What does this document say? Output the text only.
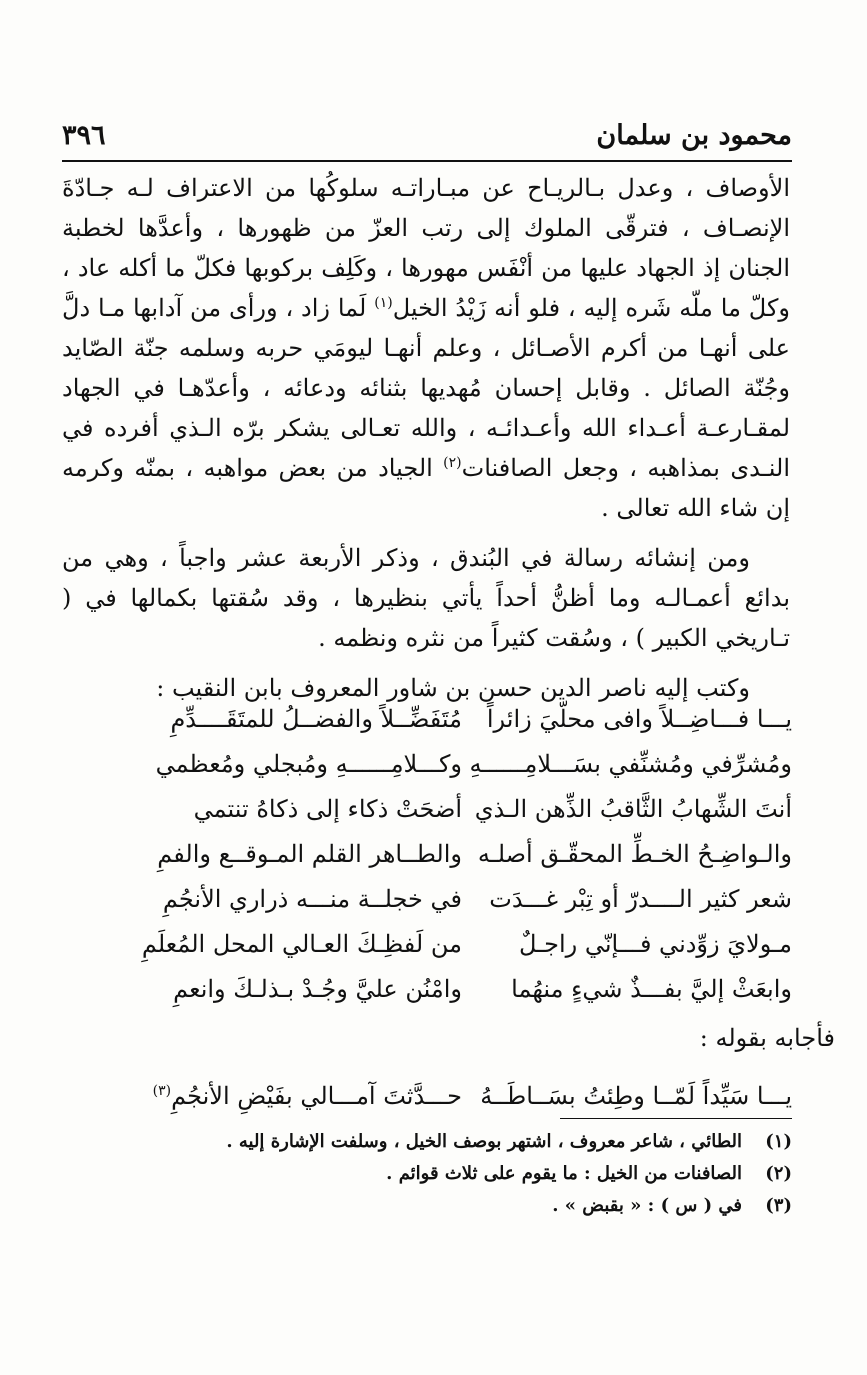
محمود بن سلمان
٣٩٦

الأوصاف ، وعدل بـالريـاح عن مبـاراتـه سلوكُها من الاعتراف لـه جـادّةَ الإنصـاف ، فترقّى الملوك إلى رتب العزّ من ظهورها ، وأعدَّها لخطبة الجنان إذ الجهاد عليها من أنْفَس مهورها ، وكَلِف بركوبها فكلّ ما أكله عاد ، وكلّ ما ملّه شَره إليه ، فلو أنه زَيْدُ الخيل$^{(١)}$ لَما زاد ، ورأى من آدابها مـا دلَّ على أنهـا من أكرم الأصـائل ، وعلم أنهـا ليومَي حربه وسلمه جنّة الصّايد وجُنّة الصائل . وقابل إحسان مُهديها بثنائه ودعائه ، وأعدّهـا في الجهاد لمقـارعـة أعـداء الله وأعـدائـه ، والله تعـالى يشكر برّه الـذي أفرده في النـدى بمذاهبه ، وجعل الصافنات$^{(٢)}$ الجياد من بعض مواهبه ، بمنّه وكرمه إن شاء الله تعالى .

ومن إنشائه رسالة في البُندق ، وذكر الأربعة عشر واجباً ، وهي من بدائع أعمـالـه وما أظنُّ أحداً يأتي بنظيرها ، وقد سُقتها بكمالها في ( تـاريخي الكبير ) ، وسُقت كثيراً من نثره ونظمه .

وكتب إليه ناصر الدين حسن بن شاور المعروف بابن النقيب :

يـــا فـــاضِــلاً وافى محلّيَ زائراً
مُتَفَضِّــلاً والفضــلُ للمتَقَــــدِّمِ
ومُشرِّفي ومُشنِّفي بسَـــلامِــــــهِ
وكـــلامِــــــهِ ومُبجلي ومُعظمي
أنتَ الشِّهابُ الثَّاقبُ الذِّهن الـذي
أضحَتْ ذكاء إلى ذكاهُ تنتمي
والـواضِـحُ الخـطِّ المحقّـق أصلـه
والطــاهر القلم المـوقــع والفمِ
شعر كثير الــــدرّ أو تِبْر غـــدَت
في خجلــة منـــه ذراري الأنجُمِ
مـولايَ زوِّدني فـــإنّي راجـلٌ
من لَفظِـكَ العـالي المحل المُعلَمِ
وابعَثْ إليَّ بفـــذٌ شيءٍ منهُما
وامْنُن عليَّ وجُـدْ بـذلـكَ وانعمِ
فأجابه بقوله :
يـــا سَيِّداً لَمّــا وطِئتُ بسَــاطَــهُ
حـــدَّثتَ آمـــالي بفَيْضِ الأنجُمِ$^{(٣)}$
(١)
الطائي ، شاعر معروف ، اشتهر بوصف الخيل ، وسلفت الإشارة إليه .
(٢)
الصافنات من الخيل : ما يقوم على ثلاث قوائم .
(٣)
في ( س ) : « بقبض » .
